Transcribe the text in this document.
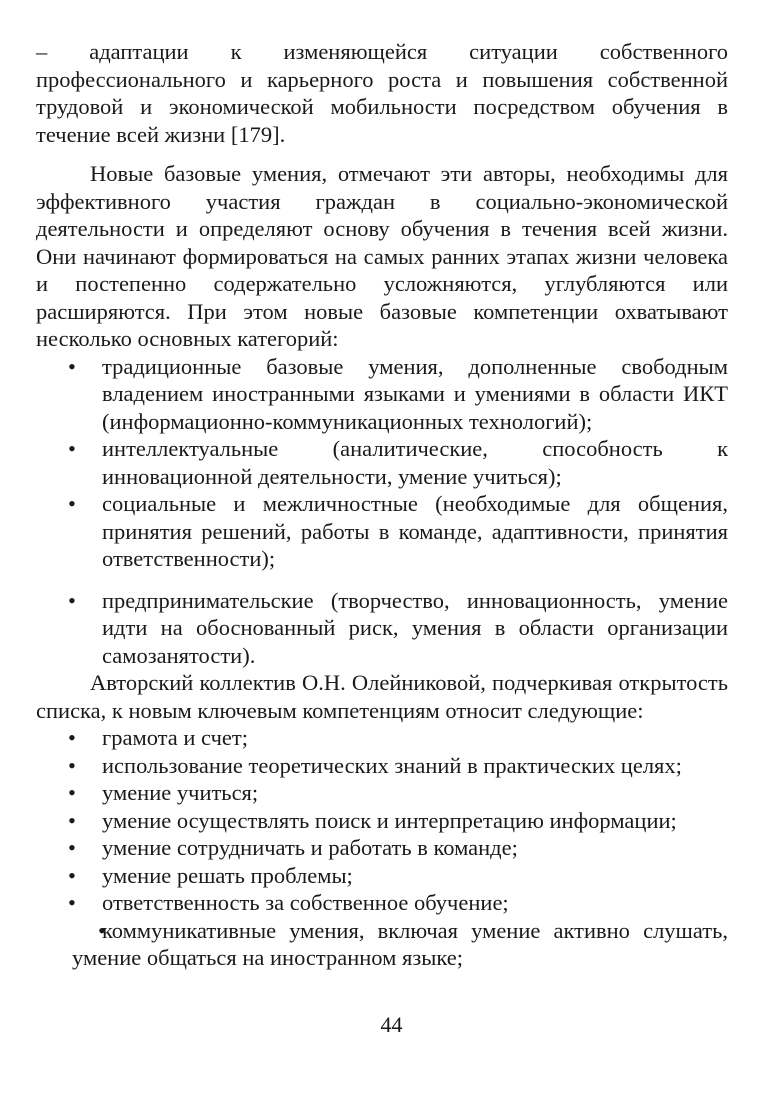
– адаптации к изменяющейся ситуации собственного профессионального и карьерного роста и повышения собственной трудовой и экономической мобильности посредством обучения в течение всей жизни [179].

Новые базовые умения, отмечают эти авторы, необходимы для эффективного участия граждан в социально-экономической деятельности и определяют основу обучения в течения всей жизни. Они начинают формироваться на самых ранних этапах жизни человека и постепенно содержательно усложняются, углубляются или расширяются. При этом новые базовые компетенции охватывают несколько основных категорий:

• традиционные базовые умения, дополненные свободным владением иностранными языками и умениями в области ИКТ (информационно-коммуникационных технологий);
• интеллектуальные (аналитические, способность к инновационной деятельности, умение учиться);
• социальные и межличностные (необходимые для общения, принятия решений, работы в команде, адаптивности, принятия ответственности);
• предпринимательские (творчество, инновационность, умение идти на обоснованный риск, умения в области организации самозанятости).

Авторский коллектив О.Н. Олейниковой, подчеркивая открытость списка, к новым ключевым компетенциям относит следующие:

• грамота и счет;
• использование теоретических знаний в практических целях;
• умение учиться;
• умение осуществлять поиск и интерпретацию информации;
• умение сотрудничать и работать в команде;
• умение решать проблемы;
• ответственность за собственное обучение;
• коммуникативные умения, включая умение активно слушать, умение общаться на иностранном языке;
44
